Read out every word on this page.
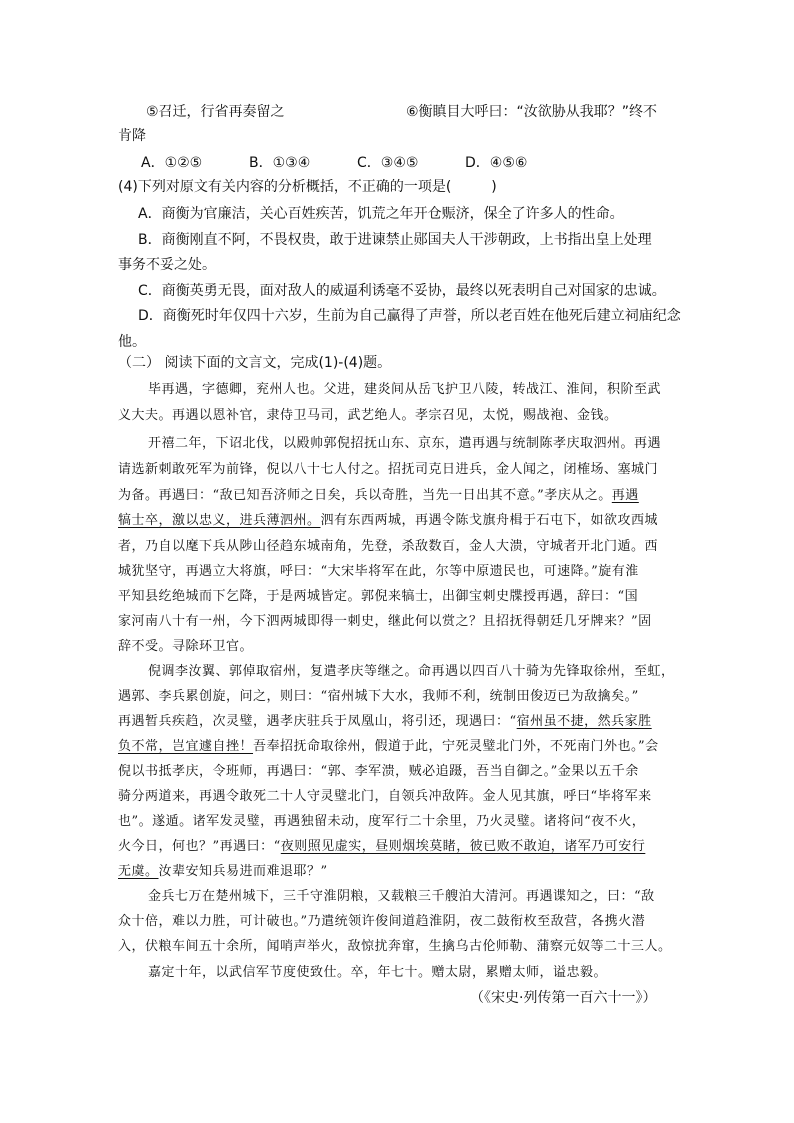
⑤召迁，行省再奏留之	⑥衡瞋目大呼曰：“汝欲胁从我耶？”终不
肯降
A．①②⑤	B．①③④	C．③④⑤	D．④⑤⑥
(4)下列对原文有关内容的分析概括，不正确的一项是(	)
A．商衡为官廉洁，关心百姓疾苦，饥荒之年开仓赈济，保全了许多人的性命。
B．商衡刚直不阿，不畏权贵，敢于进谏禁止郧国夫人干涉朝政，上书指出皇上处理
事务不妥之处。
C．商衡英勇无畏，面对敌人的威逼利诱毫不妥协，最终以死表明自己对国家的忠诚。
D．商衡死时年仅四十六岁，生前为自己赢得了声誉，所以老百姓在他死后建立祠庙纪念
他。
（二） 阅读下面的文言文，完成(1)-(4)题。
毕再遇，字德卿，兖州人也。父进，建炎间从岳飞护卫八陵，转战江、淮间，积阶至武
义大夫。再遇以恩补官，隶侍卫马司，武艺绝人。孝宗召见，太悦，赐战袍、金钱。
开禧二年，下诏北伐，以殿帅郭倪招抚山东、京东，遣再遇与统制陈孝庆取泗州。再遇
请选新刺敢死军为前锋，倪以八十七人付之。招抚司克日进兵，金人闻之，闭榷场、塞城门
为备。再遇曰：“敌已知吾济师之日矣，兵以奇胜，当先一日出其不意。”孝庆从之。再遇
犒士卒，激以忠义，进兵薄泗州。泗有东西两城，再遇令陈戈旗舟楫于石屯下，如欲攻西城
者，乃自以麾下兵从陟山径趋东城南角，先登，杀敌数百，金人大溃，守城者开北门遁。西
城犹坚守，再遇立大将旗，呼曰：“大宋毕将军在此，尔等中原遗民也，可速降。”旋有淮
平知县纥绝城而下乞降，于是两城皆定。郭倪来犒士，出御宝刺史牒授再遇，辞曰：“国
家河南八十有一州，今下泗两城即得一刺史，继此何以赏之？且招抚得朝廷几牙牌来？”固
辞不受。寻除环卫官。
倪调李汝翼、郭倬取宿州，复遣孝庆等继之。命再遇以四百八十骑为先锋取徐州，至虹，
遇郭、李兵累创旋，问之，则曰：“宿州城下大水，我师不利，统制田俊迈已为敌擒矣。”
再遇暂兵疾趋，次灵璧，遇孝庆驻兵于凤凰山，将引还，现遇曰：“宿州虽不捷，然兵家胜
负不常，岂宜遽自挫！吾奉招抚命取徐州，假道于此，宁死灵璧北门外，不死南门外也。”会
倪以书抵孝庆，令班师，再遇曰：“郭、李军溃，贼必追蹑，吾当自御之。”金果以五千余
骑分两道来，再遇令敢死二十人守灵璧北门，自领兵冲敌阵。金人见其旗，呼曰“毕将军来
也”。遂遁。诸军发灵璧，再遇独留未动，度军行二十余里，乃火灵璧。诸将问“夜不火，
火今日，何也？”再遇曰：“夜则照见虚实，昼则烟埃莫睹，彼已败不敢迫，诸军乃可安行
无虞。汝辈安知兵易进而难退耶？”
金兵七万在楚州城下，三千守淮阴粮，又载粮三千艘泊大清河。再遇谍知之，曰：“敌
众十倍，难以力胜，可计破也。”乃遣统领许俊间道趋淮阴，夜二鼓衔枚至敌营，各携火潜
入，伏粮车间五十余所，闻哨声举火，敌惊扰奔窜，生擒乌古伦师勒、蒲察元奴等二十三人。
嘉定十年，以武信军节度使致仕。卒，年七十。赠太尉，累赠太师，谥忠毅。
（《宋史·列传第一百六十一》）
